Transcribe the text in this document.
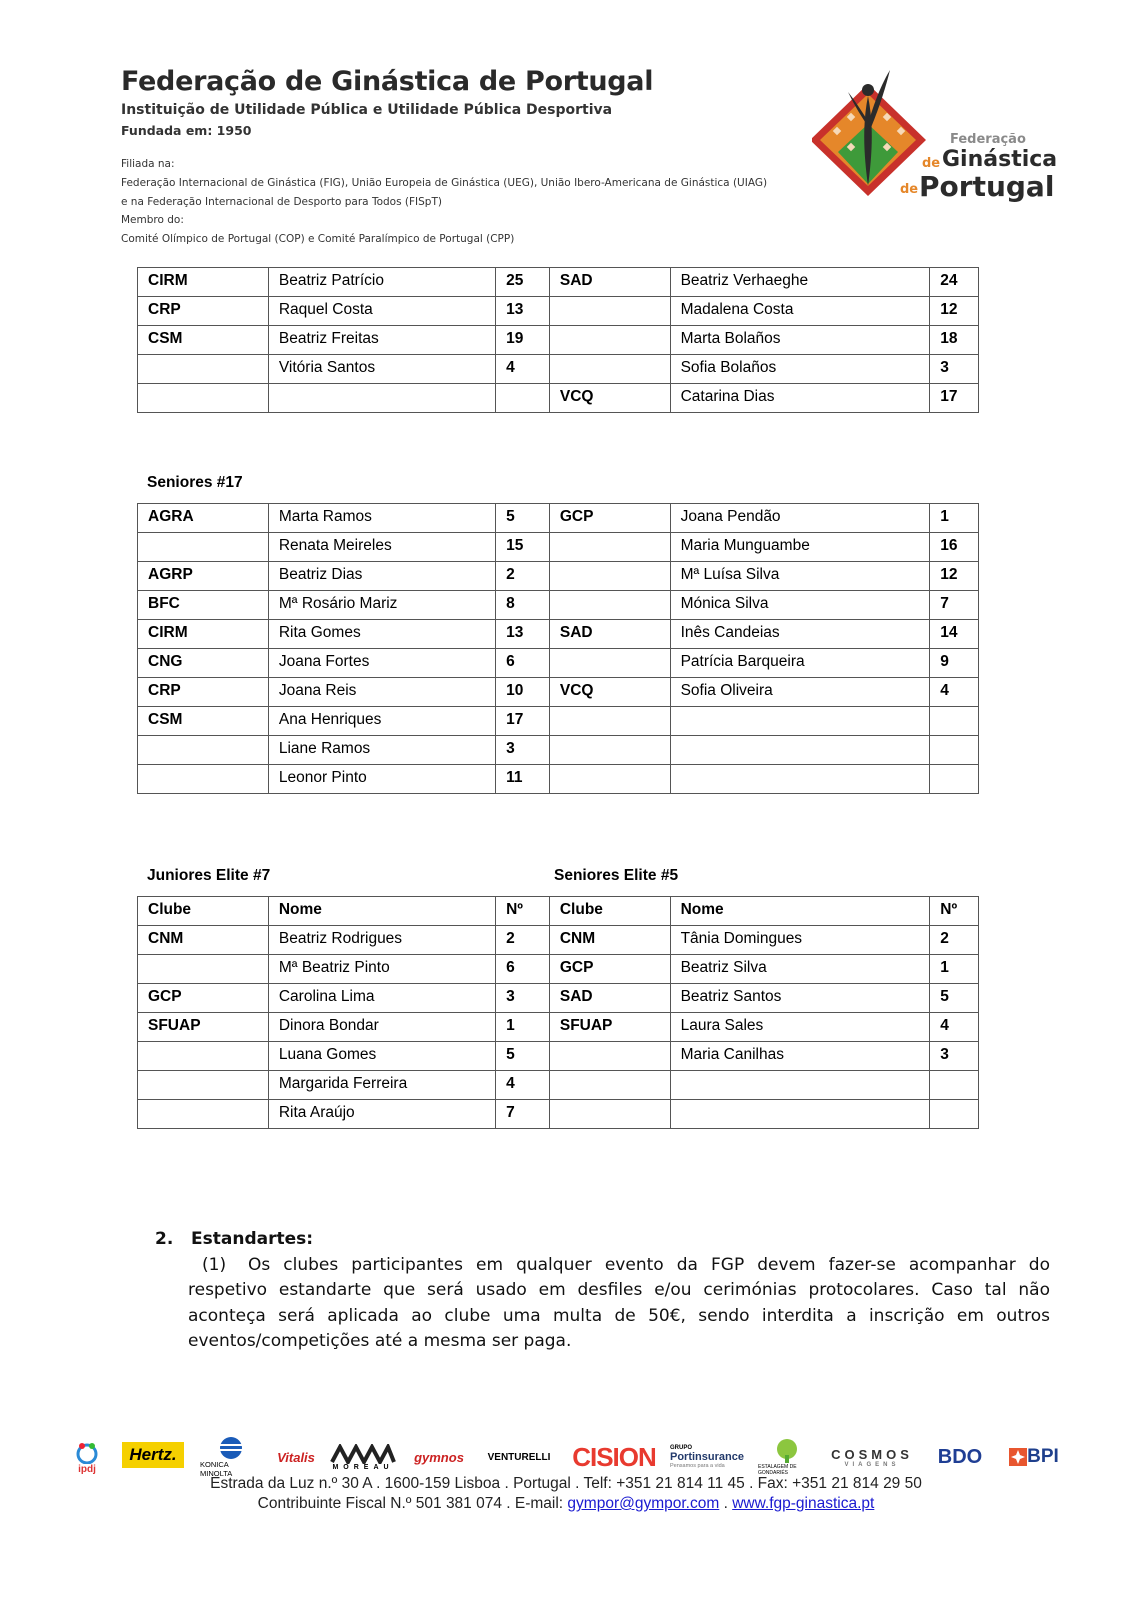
Federação de Ginástica de Portugal
Instituição de Utilidade Pública e Utilidade Pública Desportiva
Fundada em: 1950
Filiada na:
Federação Internacional de Ginástica (FIG), União Europeia de Ginástica (UEG), União Ibero-Americana de Ginástica (UIAG)
e na Federação Internacional de Desporto para Todos (FISpT)
Membro do:
Comité Olímpico de Portugal (COP) e Comité Paralímpico de Portugal (CPP)
Federação
de Ginástica
de Portugal
CIRM	Beatriz Patrício	25	SAD	Beatriz Verhaeghe	24
CRP	Raquel Costa	13		Madalena Costa	12
CSM	Beatriz Freitas	19		Marta Bolaños	18
	Vitória Santos	4		Sofia Bolaños	3
			VCQ	Catarina Dias	17
Seniores #17
AGRA	Marta Ramos	5	GCP	Joana Pendão	1
	Renata Meireles	15		Maria Munguambe	16
AGRP	Beatriz Dias	2		Mª Luísa Silva	12
BFC	Mª Rosário Mariz	8		Mónica Silva	7
CIRM	Rita Gomes	13	SAD	Inês Candeias	14
CNG	Joana Fortes	6		Patrícia Barqueira	9
CRP	Joana Reis	10	VCQ	Sofia Oliveira	4
CSM	Ana Henriques	17			
	Liane Ramos	3			
	Leonor Pinto	11			
Juniores Elite #7	Seniores Elite #5
Clube	Nome	Nº	Clube	Nome	Nº
CNM	Beatriz Rodrigues	2	CNM	Tânia Domingues	2
	Mª Beatriz Pinto	6	GCP	Beatriz Silva	1
GCP	Carolina Lima	3	SAD	Beatriz Santos	5
SFUAP	Dinora Bondar	1	SFUAP	Laura Sales	4
	Luana Gomes	5		Maria Canilhas	3
	Margarida Ferreira	4			
	Rita Araújo	7			
2.   Estandartes:
(1) Os clubes participantes em qualquer evento da FGP devem fazer-se acompanhar do respetivo estandarte que será usado em desfiles e/ou cerimónias protocolares. Caso tal não aconteça será aplicada ao clube uma multa de 50€, sendo interdita a inscrição em outros eventos/competições até a mesma ser paga.
ipdj
Hertz.
KONICA MINOLTA
Vitalis
MOREAU
gymnos	VENTURELLI CISION	GRUPO
Portinsurance
Pensamos para a vida	ESTALAGEM DE GONDARIÉS
COSMOS
VIAGENS BDO	BPI
Estrada da Luz n.º 30 A . 1600-159 Lisboa . Portugal . Telf: +351 21 814 11 45 . Fax: +351 21 814 29 50
Contribuinte Fiscal N.º 501 381 074 . E-mail: gympor@gympor.com . www.fgp-ginastica.pt
